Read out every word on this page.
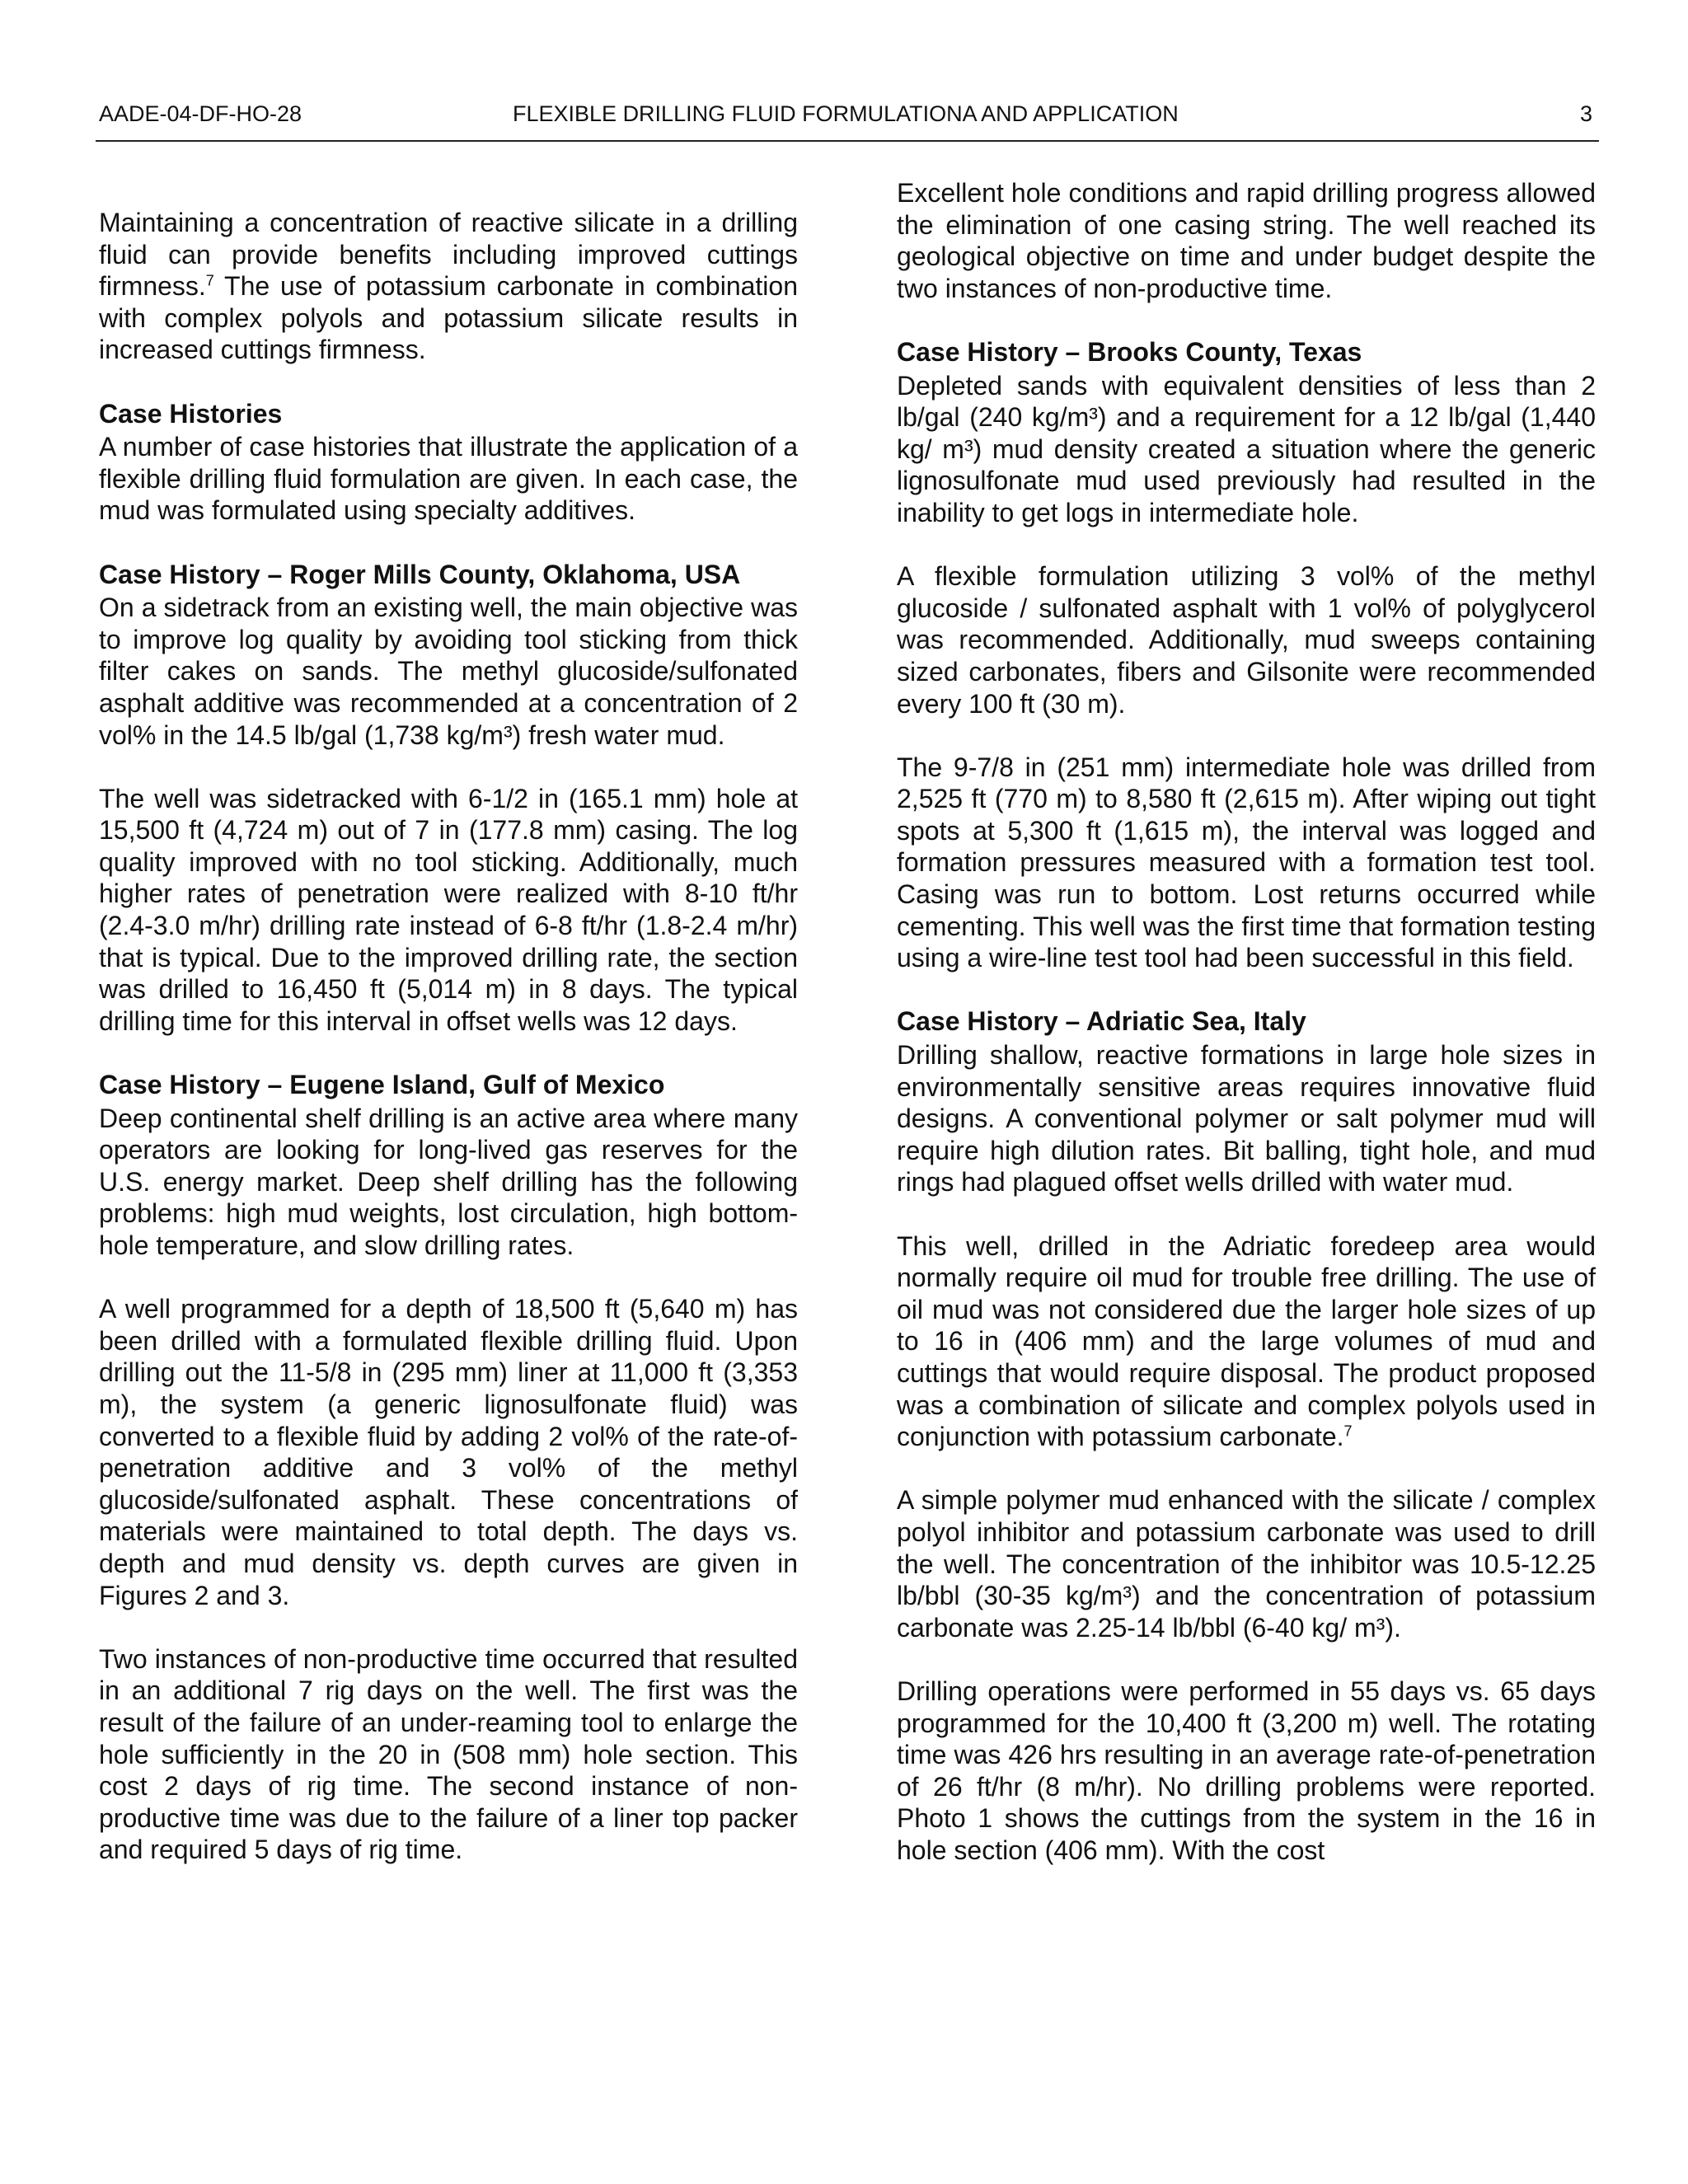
AADE-04-DF-HO-28	FLEXIBLE DRILLING FLUID FORMULATIONA AND APPLICATION	3

Maintaining a concentration of reactive silicate in a drilling fluid can provide benefits including improved cuttings firmness.$^7$ The use of potassium carbonate in combination with complex polyols and potassium silicate results in increased cuttings firmness.

Case Histories

A number of case histories that illustrate the application of a flexible drilling fluid formulation are given. In each case, the mud was formulated using specialty additives.

Case History – Roger Mills County, Oklahoma, USA

On a sidetrack from an existing well, the main objective was to improve log quality by avoiding tool sticking from thick filter cakes on sands. The methyl glucoside/sulfonated asphalt additive was recommended at a concentration of 2 vol% in the 14.5 lb/gal (1,738 kg/m³) fresh water mud.

The well was sidetracked with 6-1/2 in (165.1 mm) hole at 15,500 ft (4,724 m) out of 7 in (177.8 mm) casing. The log quality improved with no tool sticking. Additionally, much higher rates of penetration were realized with 8-10 ft/hr (2.4-3.0 m/hr) drilling rate instead of 6-8 ft/hr (1.8-2.4 m/hr) that is typical. Due to the improved drilling rate, the section was drilled to 16,450 ft (5,014 m) in 8 days. The typical drilling time for this interval in offset wells was 12 days.

Case History – Eugene Island, Gulf of Mexico

Deep continental shelf drilling is an active area where many operators are looking for long-lived gas reserves for the U.S. energy market. Deep shelf drilling has the following problems: high mud weights, lost circulation, high bottom-hole temperature, and slow drilling rates.

A well programmed for a depth of 18,500 ft (5,640 m) has been drilled with a formulated flexible drilling fluid. Upon drilling out the 11-5/8 in (295 mm) liner at 11,000 ft (3,353 m), the system (a generic lignosulfonate fluid) was converted to a flexible fluid by adding 2 vol% of the rate-of-penetration additive and 3 vol% of the methyl glucoside/sulfonated asphalt. These concentrations of materials were maintained to total depth. The days vs. depth and mud density vs. depth curves are given in Figures 2 and 3.

Two instances of non-productive time occurred that resulted in an additional 7 rig days on the well. The first was the result of the failure of an under-reaming tool to enlarge the hole sufficiently in the 20 in (508 mm) hole section. This cost 2 days of rig time. The second instance of non-productive time was due to the failure of a liner top packer and required 5 days of rig time.

Excellent hole conditions and rapid drilling progress allowed the elimination of one casing string. The well reached its geological objective on time and under budget despite the two instances of non-productive time.

Case History – Brooks County, Texas

Depleted sands with equivalent densities of less than 2 lb/gal (240 kg/m³) and a requirement for a 12 lb/gal (1,440 kg/ m³) mud density created a situation where the generic lignosulfonate mud used previously had resulted in the inability to get logs in intermediate hole.

A flexible formulation utilizing 3 vol% of the methyl glucoside / sulfonated asphalt with 1 vol% of polyglycerol was recommended. Additionally, mud sweeps containing sized carbonates, fibers and Gilsonite were recommended every 100 ft (30 m).

The 9-7/8 in (251 mm) intermediate hole was drilled from 2,525 ft (770 m) to 8,580 ft (2,615 m). After wiping out tight spots at 5,300 ft (1,615 m), the interval was logged and formation pressures measured with a formation test tool. Casing was run to bottom. Lost returns occurred while cementing. This well was the first time that formation testing using a wire-line test tool had been successful in this field.

Case History – Adriatic Sea, Italy

Drilling shallow, reactive formations in large hole sizes in environmentally sensitive areas requires innovative fluid designs. A conventional polymer or salt polymer mud will require high dilution rates. Bit balling, tight hole, and mud rings had plagued offset wells drilled with water mud.

This well, drilled in the Adriatic foredeep area would normally require oil mud for trouble free drilling. The use of oil mud was not considered due the larger hole sizes of up to 16 in (406 mm) and the large volumes of mud and cuttings that would require disposal. The product proposed was a combination of silicate and complex polyols used in conjunction with potassium carbonate.$^7$

A simple polymer mud enhanced with the silicate / complex polyol inhibitor and potassium carbonate was used to drill the well. The concentration of the inhibitor was 10.5-12.25 lb/bbl (30-35 kg/m³) and the concentration of potassium carbonate was 2.25-14 lb/bbl (6-40 kg/ m³).

Drilling operations were performed in 55 days vs. 65 days programmed for the 10,400 ft (3,200 m) well. The rotating time was 426 hrs resulting in an average rate-of-penetration of 26 ft/hr (8 m/hr). No drilling problems were reported. Photo 1 shows the cuttings from the system in the 16 in hole section (406 mm). With the cost
